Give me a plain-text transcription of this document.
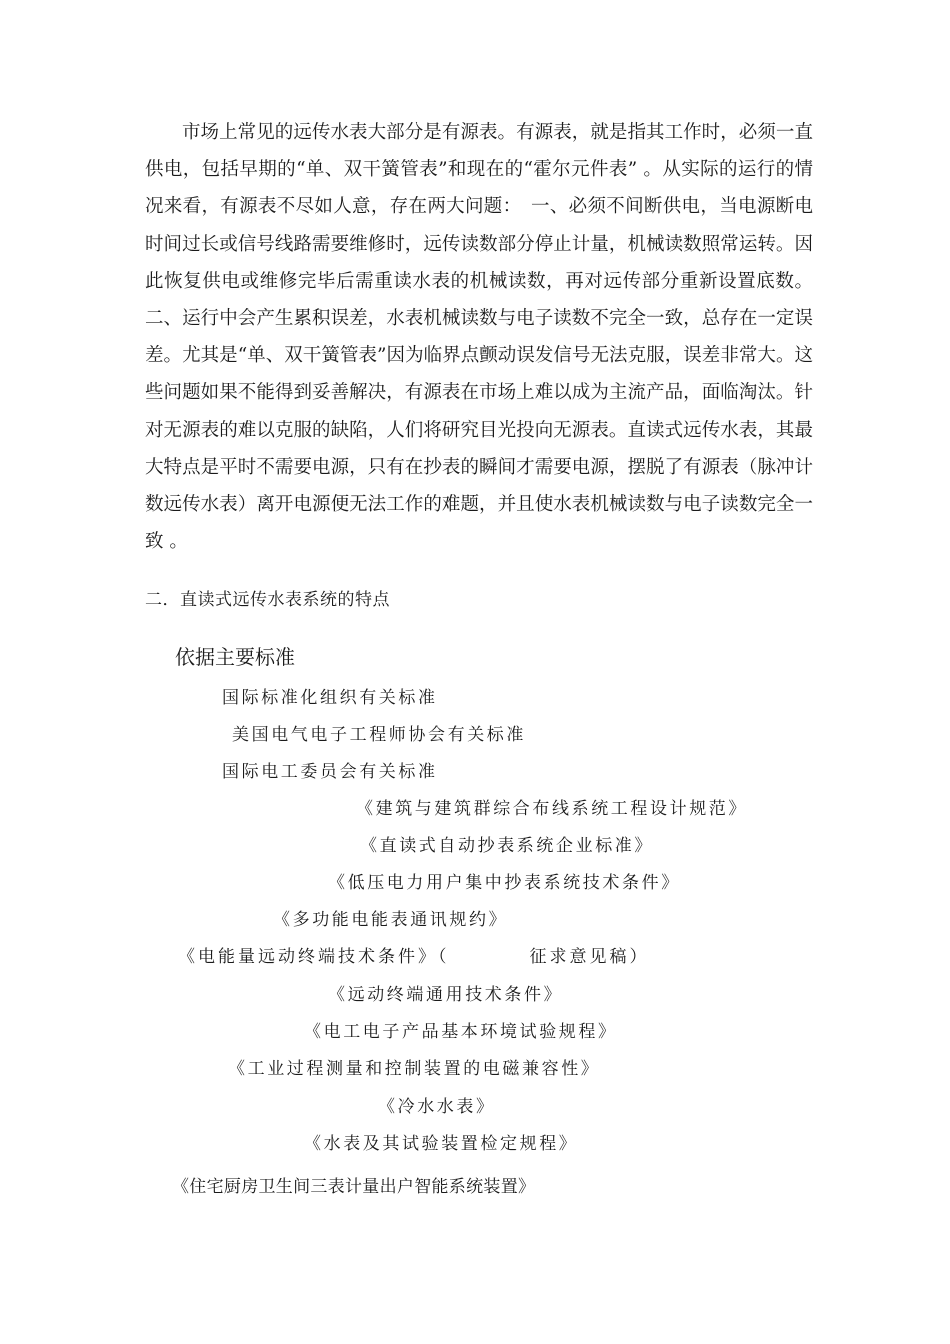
市场上常见的远传水表大部分是有源表。有源表，就是指其工作时，必须一直供电，包括早期的“单、双干簧管表”和现在的“霍尔元件表” 。从实际的运行的情况来看，有源表不尽如人意，存在两大问题：　一、必须不间断供电，当电源断电时间过长或信号线路需要维修时，远传读数部分停止计量，机械读数照常运转。因此恢复供电或维修完毕后需重读水表的机械读数，再对远传部分重新设置底数。二、运行中会产生累积误差，水表机械读数与电子读数不完全一致，总存在一定误差。尤其是“单、双干簧管表”因为临界点颤动误发信号无法克服，误差非常大。这些问题如果不能得到妥善解决，有源表在市场上难以成为主流产品，面临淘汰。针对无源表的难以克服的缺陷，人们将研究目光投向无源表。直读式远传水表，其最大特点是平时不需要电源，只有在抄表的瞬间才需要电源，摆脱了有源表（脉冲计数远传水表）离开电源便无法工作的难题，并且使水表机械读数与电子读数完全一致 。

二．直读式远传水表系统的特点
依据主要标准
国际标准化组织有关标准
美国电气电子工程师协会有关标准
国际电工委员会有关标准
《建筑与建筑群综合布线系统工程设计规范》
《直读式自动抄表系统企业标准》
《低压电力用户集中抄表系统技术条件》
《多功能电能表通讯规约》
《电能量远动终端技术条件》（　　　　征求意见稿）
《远动终端通用技术条件》
《电工电子产品基本环境试验规程》
《工业过程测量和控制装置的电磁兼容性》
《冷水水表》
《水表及其试验装置检定规程》
《住宅厨房卫生间三表计量出户智能系统装置》
